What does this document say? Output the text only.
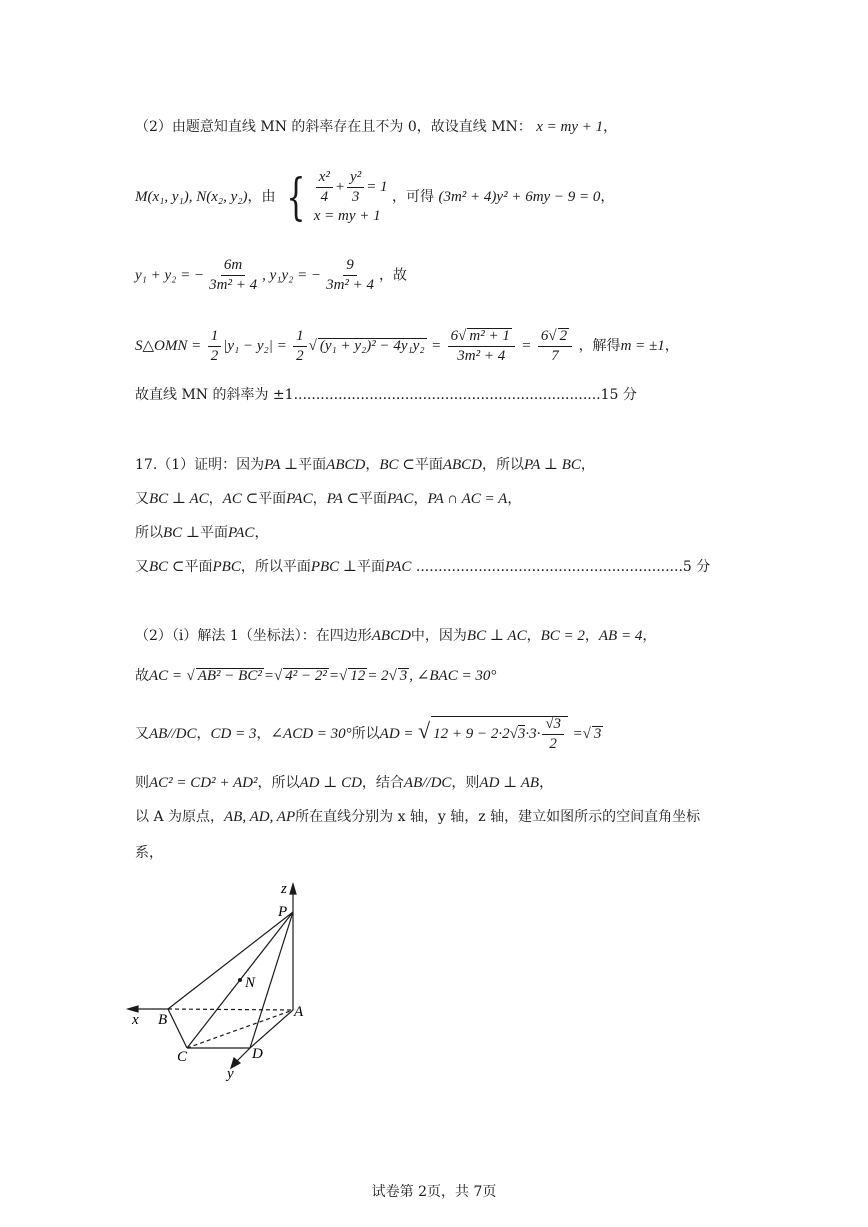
（2）由题意知直线 MN 的斜率存在且不为 0，故设直线 MN： x = my + 1，
M(x₁, y₁), N(x₂, y₂)，由 { $\frac{\text{x²}}{4} + \frac{\text{y²}}{3} = 1$
x = my + 1
，可得 (3m² + 4)y² + 6my − 9 = 0，
y₁ + y₂ = − $\frac{6m}{\text{3m² + 4}}$ , y₁y₂ = − $\frac{9}{\text{3m² + 4}}$ ，故
S△OMN = $\frac{1}{2} |y_1 - y_2| = \frac{1}{2}$ √ $(y_1 + y_2)^2 - 4y_1y_2 = \frac{\text{6√ m² + 1}}{\text{3m² + 4}} = \frac{6√ 2}{7}$ ，解得m = ±1，
故直线 MN 的斜率为 ±1.....................................................................15 分
17.（1）证明：因为PA ⊥平面ABCD，BC ⊂平面ABCD，所以PA ⊥ BC，
又BC ⊥ AC，AC ⊂平面PAC，PA ⊂平面PAC，PA ∩ AC = A，
所以BC ⊥平面PAC，
又BC ⊂平面PBC，所以平面PBC ⊥平面PAC ............................................................5 分
（2）（i）解法 1（坐标法）：在四边形ABCD中，因为BC ⊥ AC，BC = 2，AB = 4，
故AC = √ AB² − BC² =√ 4² − 2² =√ 12 = 2√ 3 , ∠BAC = 30°
又AB//DC，CD = 3，∠ACD = 30°所以AD = √ $12 + 9 - 2\cdot 2√3\cdot 3\cdot \frac{√3}{2}$ =√ 3
则AC² = CD² + AD²，所以AD ⊥ CD，结合AB//DC，则AD ⊥ AB，
以 A 为原点，AB, AD, AP所在直线分别为 x 轴，y 轴，z 轴，建立如图所示的空间直角坐标
系，
z
P
N
x B	A
C	D
y
试卷第 2页，共 7页
